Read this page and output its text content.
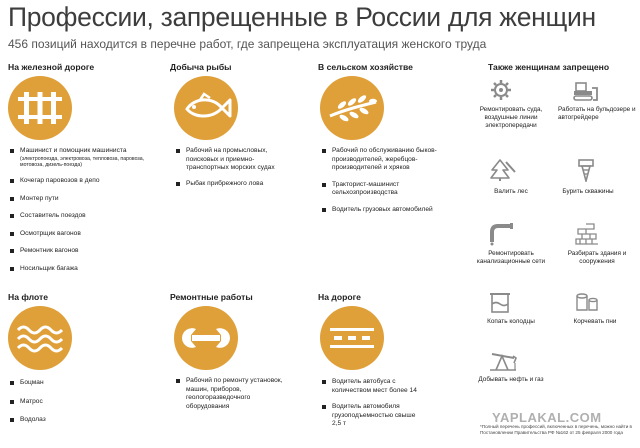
Профессии, запрещенные в России для женщин
456 позиций находится в перечне работ, где запрещена эксплуатация женского труда
На железной дороге
Машинист и помощник машиниста
(электропоезда, электровоза, тепловоза, паровоза, мотовоза, дизель-поезда)
Кочегар паровозов в депо
Монтер пути
Составитель поездов
Осмотрщик вагонов
Ремонтник вагонов
Носильщик багажа
Добыча рыбы
Рабочий на промысловых, поисковых и приемно-транспортных морских судах
Рыбак прибрежного лова
В сельском хозяйстве
Рабочий по обслуживанию быков-производителей, жеребцов-производителей и хряков
Тракторист-машинист сельхозпроизводства
Водитель грузовых автомобилей
На флоте
Боцман
Матрос
Водолаз
Ремонтные работы
Рабочий по ремонту установок, машин, приборов, геологоразведочного оборудования
На дороге
Водитель автобуса с количеством мест более 14
Водитель автомобиля грузоподъемностью свыше 2,5 т
Также женщинам запрещено
Ремонтировать суда, воздушные линии электропередачи
Работать на бульдозере и автогрейдере
Валить лес	Бурить скважины
Ремонтировать канализационные сети
Разбирать здания и сооружения
Копать колодцы	Корчевать пни
Добывать нефть и газ
YAPLAKAL.COM
*Полный перечень профессий, включенных в перечень, можно найти в Постановлении Правительства РФ №162 от 25 февраля 2000 года
